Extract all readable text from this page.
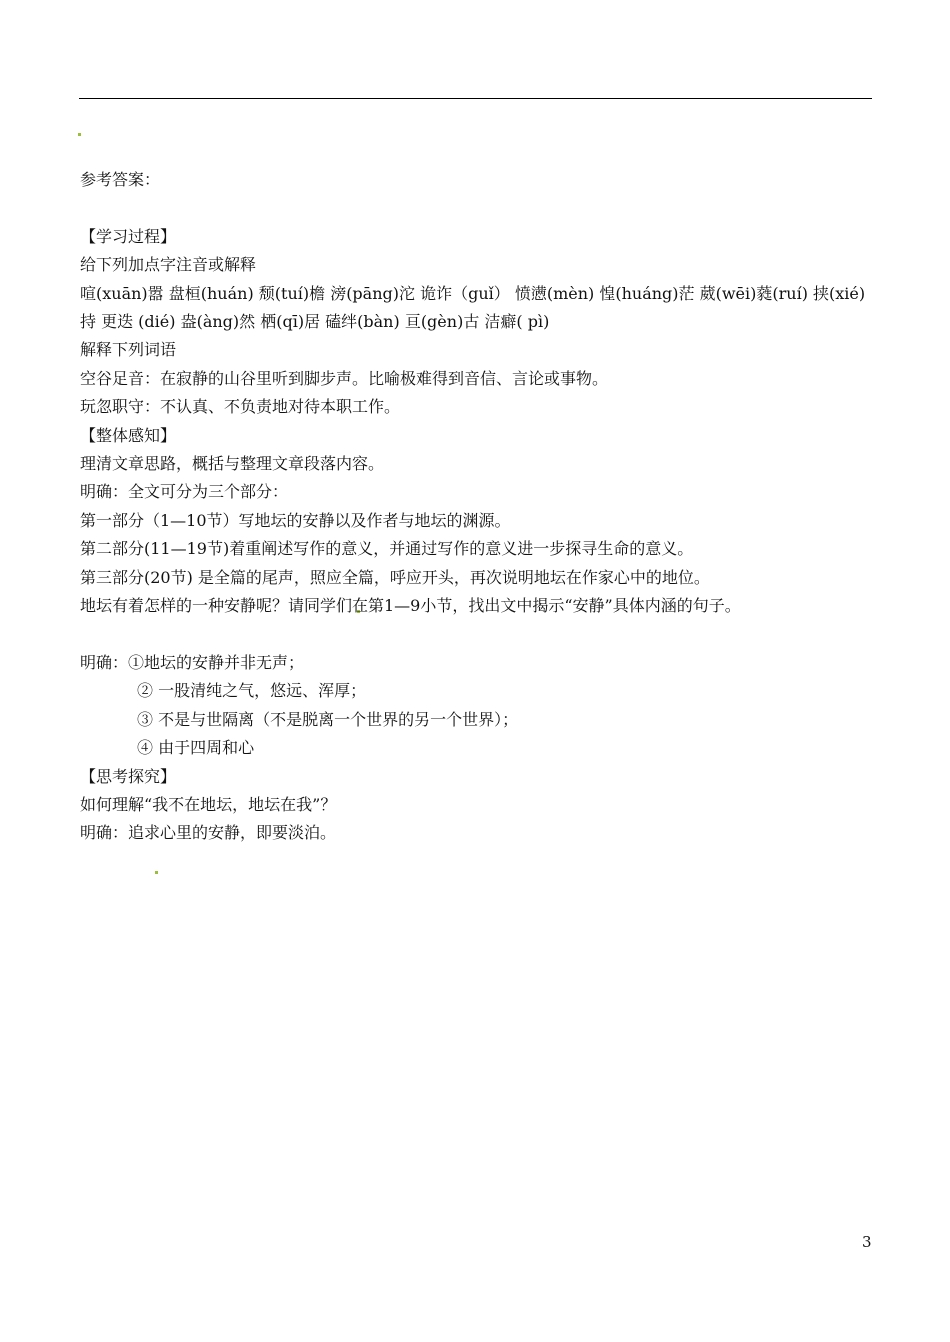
参考答案：
【学习过程】
给下列加点字注音或解释
喧(xuān)嚣 盘桓(huán) 颓(tuí)檐 滂(pāng)沱 诡诈（guǐ） 愤懑(mèn) 惶(huáng)茫 葳(wēi)蕤(ruí) 挟(xié)持 更迭 (dié) 盎(àng)然 栖(qī)居 磕绊(bàn) 亘(gèn)古 洁癖( pì)
解释下列词语
空谷足音：在寂静的山谷里听到脚步声。比喻极难得到音信、言论或事物。
玩忽职守：不认真、不负责地对待本职工作。
【整体感知】
理清文章思路，概括与整理文章段落内容。
明确：全文可分为三个部分：
第一部分（1—10节）写地坛的安静以及作者与地坛的渊源。
第二部分(11—19节)着重阐述写作的意义，并通过写作的意义进一步探寻生命的意义。
第三部分(20节) 是全篇的尾声，照应全篇，呼应开头，再次说明地坛在作家心中的地位。
地坛有着怎样的一种安静呢？请同学们在第1—9小节，找出文中揭示“安静”具体内涵的句子。
明确：①地坛的安静并非无声；
② 一股清纯之气，悠远、浑厚；
③ 不是与世隔离（不是脱离一个世界的另一个世界）；
④ 由于四周和心
【思考探究】
如何理解“我不在地坛，地坛在我”？
明确：追求心里的安静，即要淡泊。
3
